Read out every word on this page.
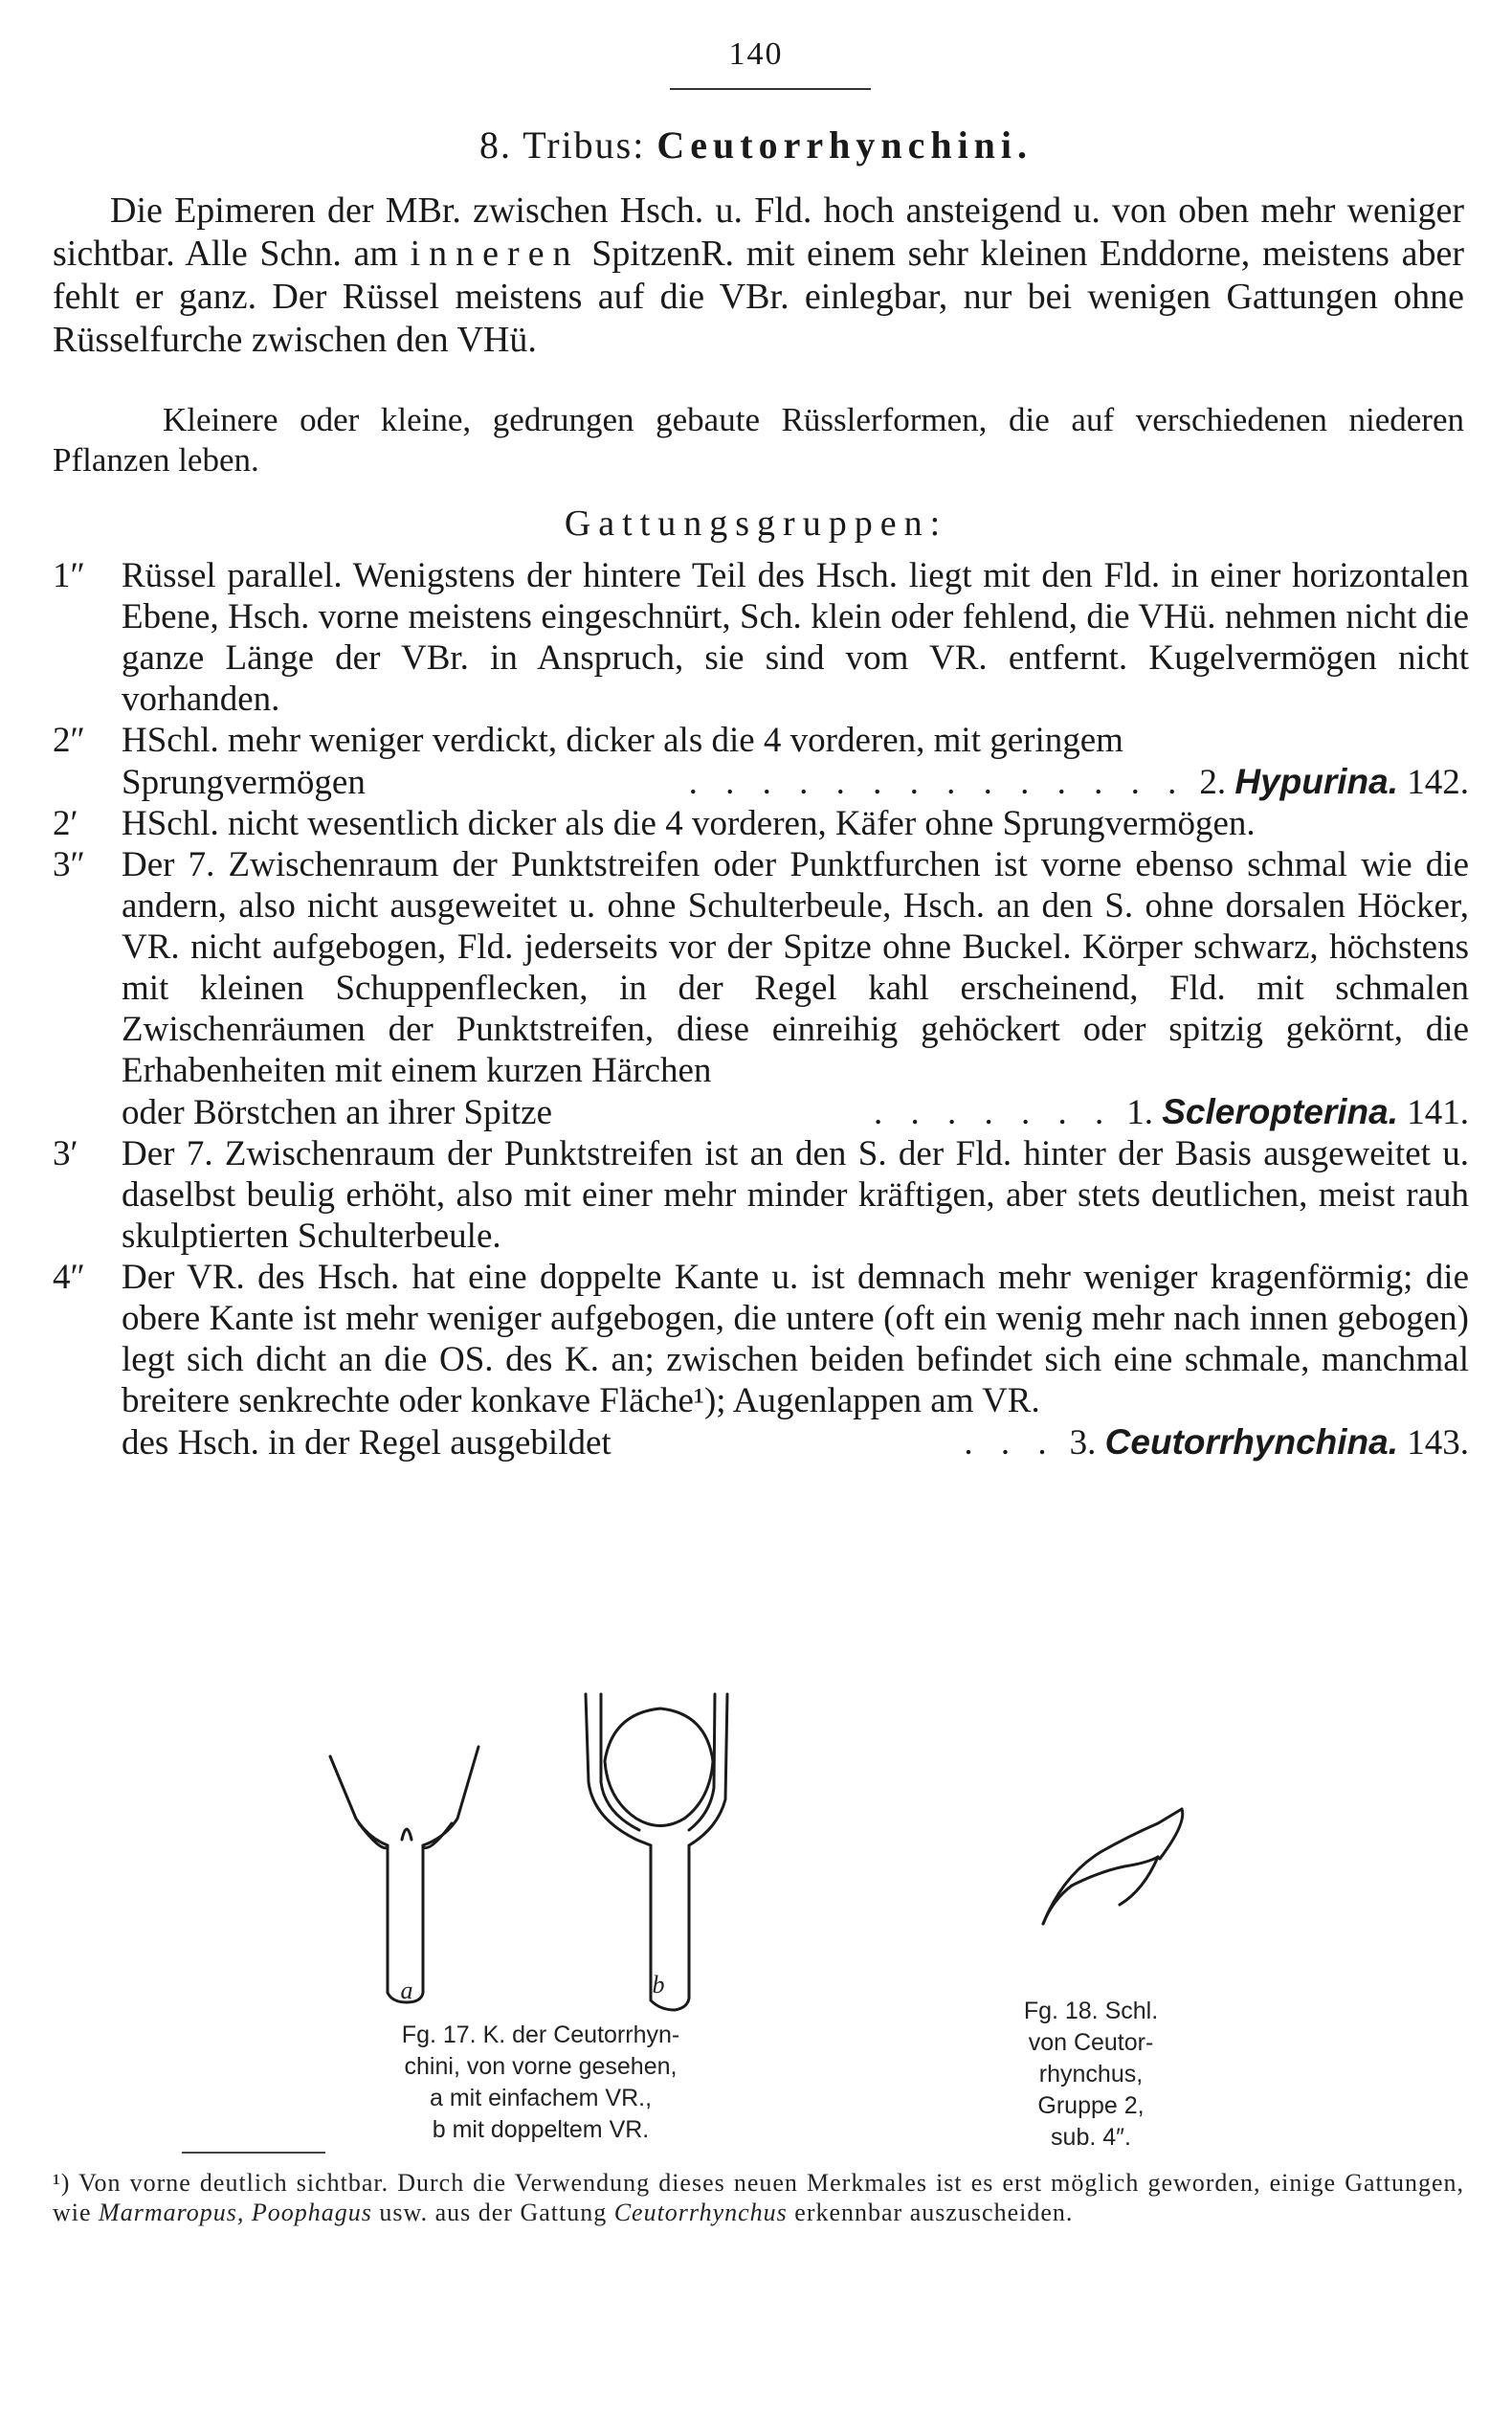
140
8. Tribus: Ceutorrhynchini.
Die Epimeren der MBr. zwischen Hsch. u. Fld. hoch ansteigend u. von oben mehr weniger sichtbar. Alle Schn. am inneren SpitzenR. mit einem sehr kleinen Enddorne, meistens aber fehlt er ganz. Der Rüssel meistens auf die VBr. einlegbar, nur bei wenigen Gattungen ohne Rüsselfurche zwischen den VHü.
Kleinere oder kleine, gedrungen gebaute Rüsslerformen, die auf verschiedenen niederen Pflanzen leben.
Gattungsgruppen:
1″	Rüssel parallel. Wenigstens der hintere Teil des Hsch. liegt mit den Fld. in einer horizontalen Ebene, Hsch. vorne meistens eingeschnürt, Sch. klein oder fehlend, die VHü. nehmen nicht die ganze Länge der VBr. in Anspruch, sie sind vom VR. entfernt. Kugelvermögen nicht vorhanden.
2″	HSchl. mehr weniger verdickt, dicker als die 4 vorderen, mit geringem
Sprungvermögen	. . . . . . . . . . . . . . 2. Hypurina. 142.
2′	HSchl. nicht wesentlich dicker als die 4 vorderen, Käfer ohne Sprungvermögen.
3″	Der 7. Zwischenraum der Punktstreifen oder Punktfurchen ist vorne ebenso schmal wie die andern, also nicht ausgeweitet u. ohne Schulterbeule, Hsch. an den S. ohne dorsalen Höcker, VR. nicht aufgebogen, Fld. jederseits vor der Spitze ohne Buckel. Körper schwarz, höchstens mit kleinen Schuppenflecken, in der Regel kahl erscheinend, Fld. mit schmalen Zwischenräumen der Punktstreifen, diese einreihig gehöckert oder spitzig gekörnt, die Erhabenheiten mit einem kurzen Härchen
oder Börstchen an ihrer Spitze	. . . . . . . 1. Scleropterina. 141.
3′	Der 7. Zwischenraum der Punktstreifen ist an den S. der Fld. hinter der Basis ausgeweitet u. daselbst beulig erhöht, also mit einer mehr minder kräftigen, aber stets deutlichen, meist rauh skulptierten Schulterbeule.
4″	Der VR. des Hsch. hat eine doppelte Kante u. ist demnach mehr weniger kragenförmig; die obere Kante ist mehr weniger aufgebogen, die untere (oft ein wenig mehr nach innen gebogen) legt sich dicht an die OS. des K. an; zwischen beiden befindet sich eine schmale, manchmal breitere senkrechte oder konkave Fläche¹); Augenlappen am VR.
des Hsch. in der Regel ausgebildet	. . . 3. Ceutorrhynchina. 143.
a	b
Fg. 17. K. der Ceutorrhyn-
chini, von vorne gesehen,
a mit einfachem VR.,
b mit doppeltem VR.
Fg. 18. Schl.
von Ceutor-
rhynchus,
Gruppe 2,
sub. 4″.
¹) Von vorne deutlich sichtbar. Durch die Verwendung dieses neuen Merkmales ist es erst möglich geworden, einige Gattungen, wie Marmaropus, Poophagus usw. aus der Gattung Ceutorrhynchus erkennbar auszuscheiden.
